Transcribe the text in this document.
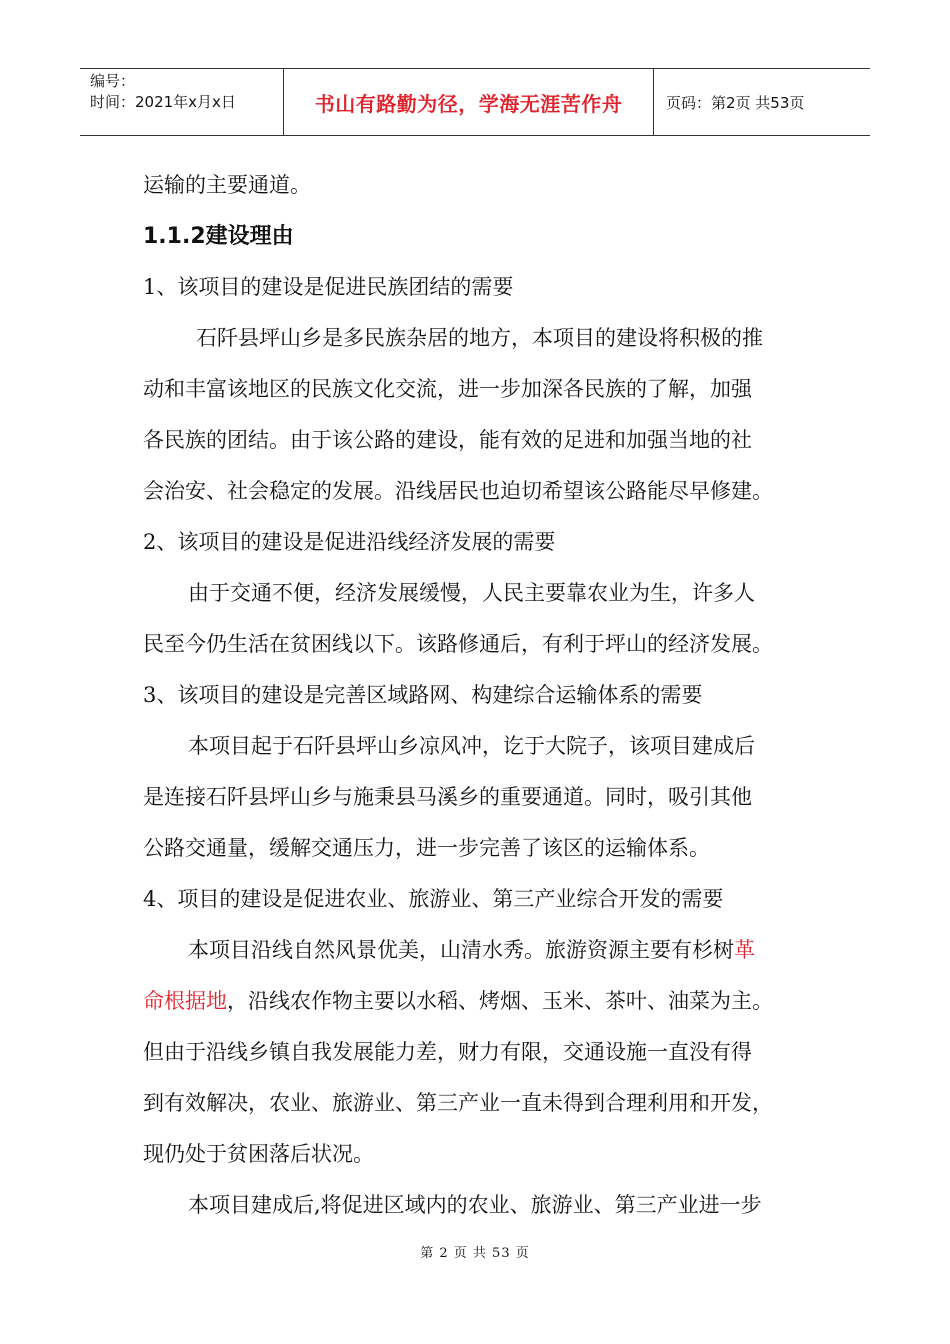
编号：
时间：2021年x月x日	书山有路勤为径，学海无涯苦作舟	页码：第2页 共53页
运输的主要通道。
1.1.2建设理由
1、该项目的建设是促进民族团结的需要
石阡县坪山乡是多民族杂居的地方，本项目的建设将积极的推
动和丰富该地区的民族文化交流，进一步加深各民族的了解，加强
各民族的团结。由于该公路的建设，能有效的足进和加强当地的社
会治安、社会稳定的发展。沿线居民也迫切希望该公路能尽早修建。
2、该项目的建设是促进沿线经济发展的需要
由于交通不便，经济发展缓慢，人民主要靠农业为生，许多人
民至今仍生活在贫困线以下。该路修通后，有利于坪山的经济发展。
3、该项目的建设是完善区域路网、构建综合运输体系的需要
本项目起于石阡县坪山乡凉风冲，讫于大院子，该项目建成后
是连接石阡县坪山乡与施秉县马溪乡的重要通道。同时，吸引其他
公路交通量，缓解交通压力，进一步完善了该区的运输体系。
4、项目的建设是促进农业、旅游业、第三产业综合开发的需要
本项目沿线自然风景优美，山清水秀。旅游资源主要有杉树革
命根据地，沿线农作物主要以水稻、烤烟、玉米、茶叶、油菜为主。
但由于沿线乡镇自我发展能力差，财力有限，交通设施一直没有得
到有效解决，农业、旅游业、第三产业一直未得到合理利用和开发，
现仍处于贫困落后状况。
本项目建成后,将促进区域内的农业、旅游业、第三产业进一步
第 2 页 共 53 页
